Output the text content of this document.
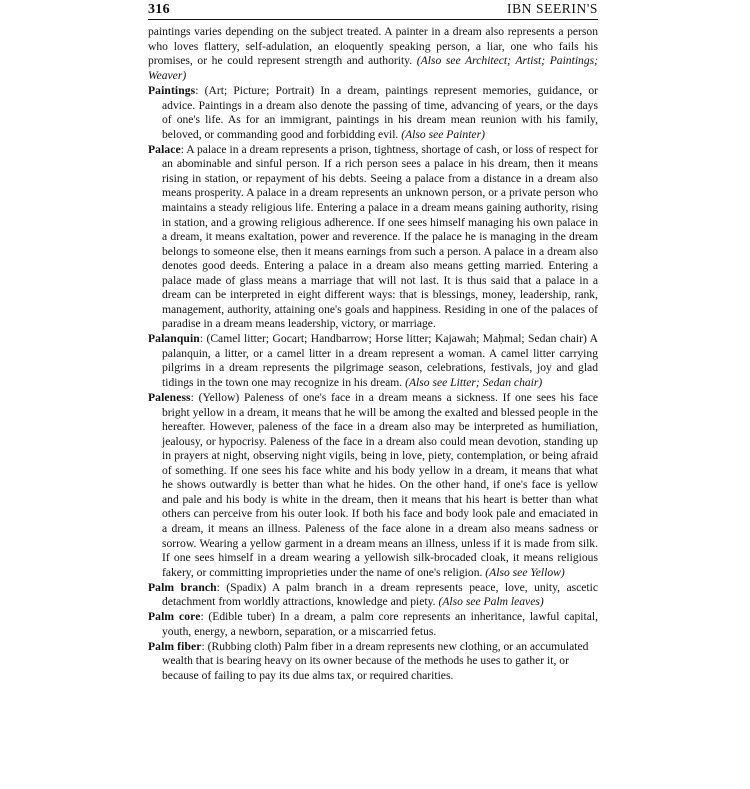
316	IBN SEERIN'S

paintings varies depending on the subject treated. A painter in a dream also represents a person who loves flattery, self-adulation, an eloquently speaking person, a liar, one who fails his promises, or he could represent strength and authority. (Also see Architect; Artist; Paintings; Weaver)

Paintings: (Art; Picture; Portrait) In a dream, paintings represent memories, guidance, or advice. Paintings in a dream also denote the passing of time, advancing of years, or the days of one's life. As for an immigrant, paintings in his dream mean reunion with his family, beloved, or commanding good and forbidding evil. (Also see Painter)

Palace: A palace in a dream represents a prison, tightness, shortage of cash, or loss of respect for an abominable and sinful person. If a rich person sees a palace in his dream, then it means rising in station, or repayment of his debts. Seeing a palace from a distance in a dream also means prosperity. A palace in a dream represents an unknown person, or a private person who maintains a steady religious life. Entering a palace in a dream means gaining authority, rising in station, and a growing religious adherence. If one sees himself managing his own palace in a dream, it means exaltation, power and reverence. If the palace he is managing in the dream belongs to someone else, then it means earnings from such a person. A palace in a dream also denotes good deeds. Entering a palace in a dream also means getting married. Entering a palace made of glass means a marriage that will not last. It is thus said that a palace in a dream can be interpreted in eight different ways: that is blessings, money, leadership, rank, management, authority, attaining one's goals and happiness. Residing in one of the palaces of paradise in a dream means leadership, victory, or marriage.

Palanquin: (Camel litter; Gocart; Handbarrow; Horse litter; Kajawah; Maḥmal; Sedan chair) A palanquin, a litter, or a camel litter in a dream represent a woman. A camel litter carrying pilgrims in a dream represents the pilgrimage season, celebrations, festivals, joy and glad tidings in the town one may recognize in his dream. (Also see Litter; Sedan chair)

Paleness: (Yellow) Paleness of one's face in a dream means a sickness. If one sees his face bright yellow in a dream, it means that he will be among the exalted and blessed people in the hereafter. However, paleness of the face in a dream also may be interpreted as humiliation, jealousy, or hypocrisy. Paleness of the face in a dream also could mean devotion, standing up in prayers at night, observing night vigils, being in love, piety, contemplation, or being afraid of something. If one sees his face white and his body yellow in a dream, it means that what he shows outwardly is better than what he hides. On the other hand, if one's face is yellow and pale and his body is white in the dream, then it means that his heart is better than what others can perceive from his outer look. If both his face and body look pale and emaciated in a dream, it means an illness. Paleness of the face alone in a dream also means sadness or sorrow. Wearing a yellow garment in a dream means an illness, unless if it is made from silk. If one sees himself in a dream wearing a yellowish silk-brocaded cloak, it means religious fakery, or committing improprieties under the name of one's religion. (Also see Yellow)

Palm branch: (Spadix) A palm branch in a dream represents peace, love, unity, ascetic detachment from worldly attractions, knowledge and piety. (Also see Palm leaves)

Palm core: (Edible tuber) In a dream, a palm core represents an inheritance, lawful capital, youth, energy, a newborn, separation, or a miscarried fetus.

Palm fiber: (Rubbing cloth) Palm fiber in a dream represents new clothing, or an accumulated wealth that is bearing heavy on its owner because of the methods he uses to gather it, or because of failing to pay its due alms tax, or required charities.
